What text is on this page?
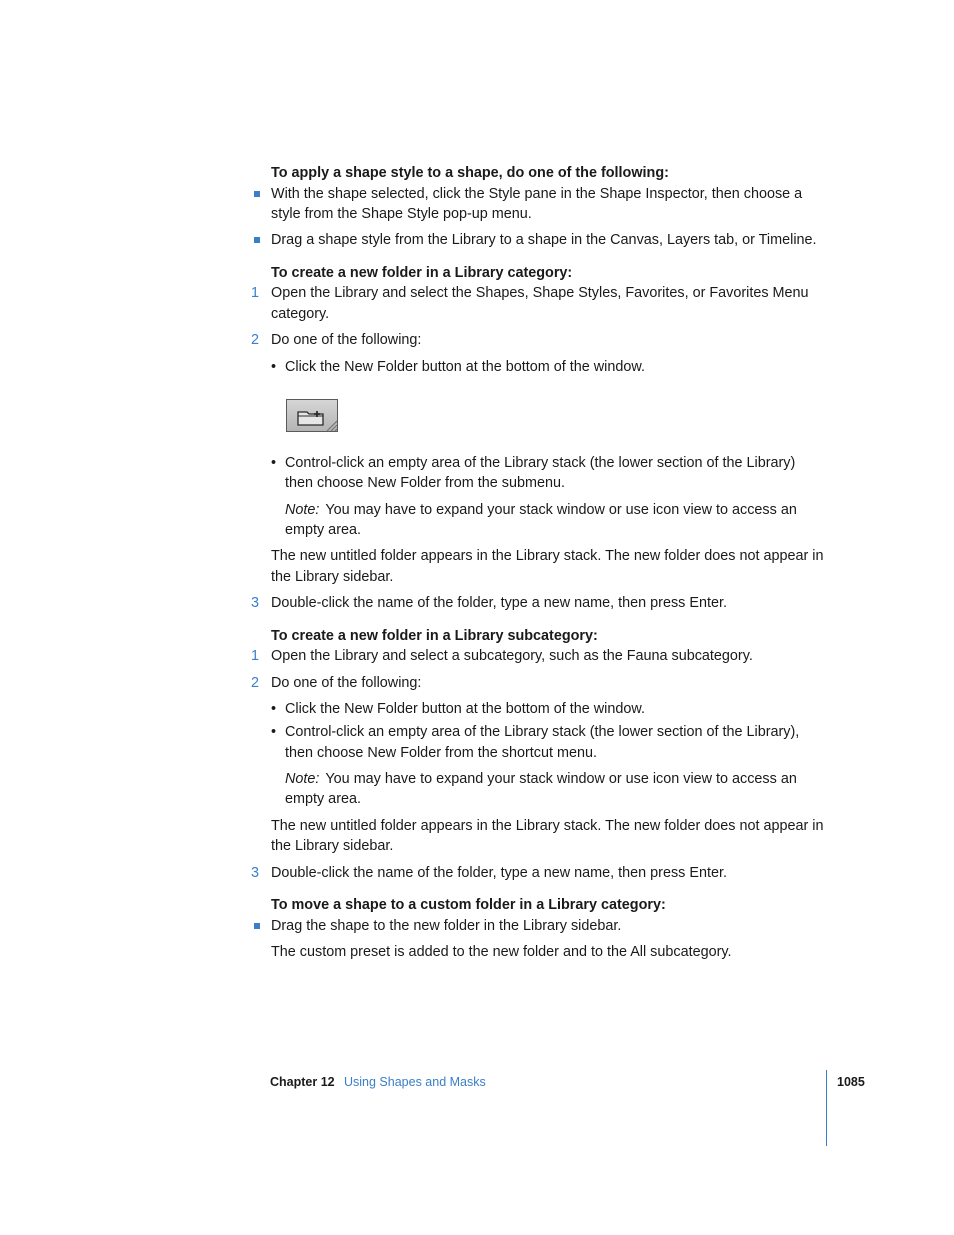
To apply a shape style to a shape, do one of the following:
With the shape selected, click the Style pane in the Shape Inspector, then choose a
style from the Shape Style pop-up menu.
Drag a shape style from the Library to a shape in the Canvas, Layers tab, or Timeline.
To create a new folder in a Library category:
1 Open the Library and select the Shapes, Shape Styles, Favorites, or Favorites Menu
category.
2 Do one of the following:
• Click the New Folder button at the bottom of the window.
• Control-click an empty area of the Library stack (the lower section of the Library)
then choose New Folder from the submenu.
Note: You may have to expand your stack window or use icon view to access an
empty area.
The new untitled folder appears in the Library stack. The new folder does not appear in
the Library sidebar.
3 Double-click the name of the folder, type a new name, then press Enter.
To create a new folder in a Library subcategory:
1 Open the Library and select a subcategory, such as the Fauna subcategory.
2 Do one of the following:
• Click the New Folder button at the bottom of the window.
• Control-click an empty area of the Library stack (the lower section of the Library),
then choose New Folder from the shortcut menu.
Note: You may have to expand your stack window or use icon view to access an
empty area.
The new untitled folder appears in the Library stack. The new folder does not appear in
the Library sidebar.
3 Double-click the name of the folder, type a new name, then press Enter.
To move a shape to a custom folder in a Library category:
Drag the shape to the new folder in the Library sidebar.
The custom preset is added to the new folder and to the All subcategory.
Chapter 12 Using Shapes and Masks	1085
